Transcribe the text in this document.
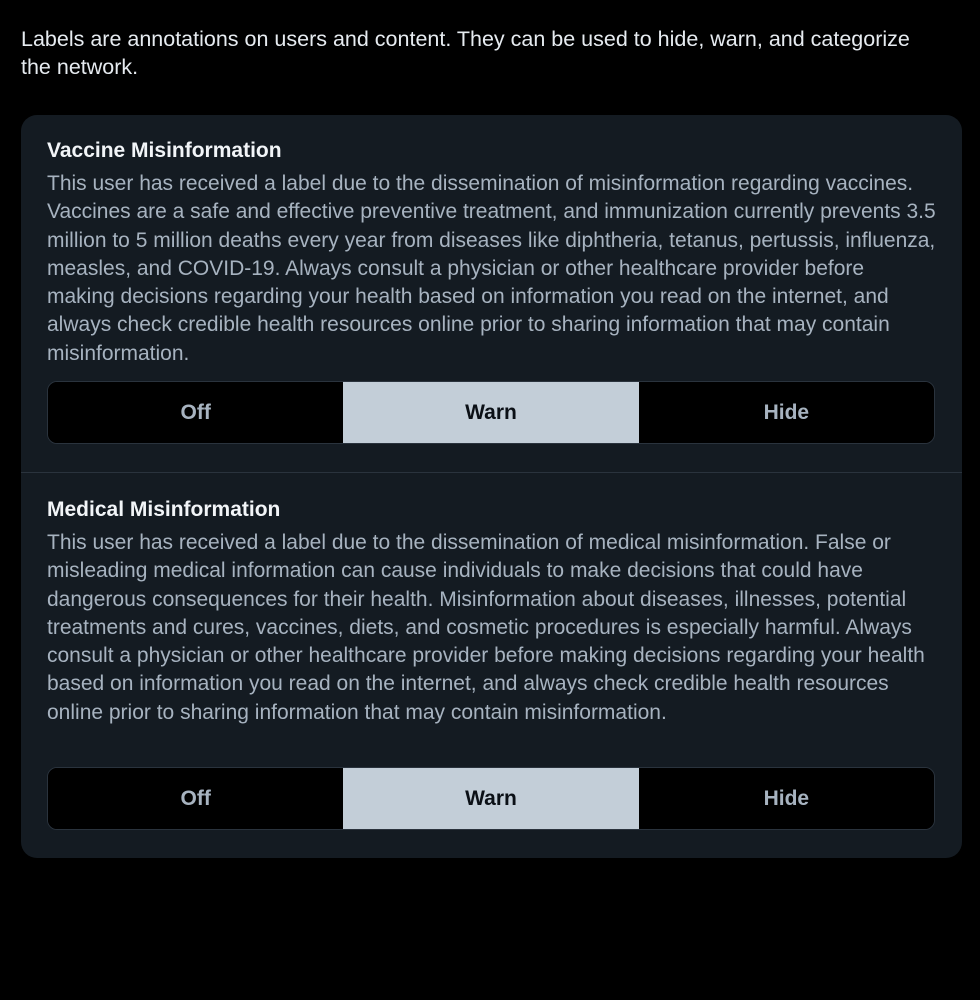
Labels are annotations on users and content. They can be used to hide, warn, and categorize the network.

Vaccine Misinformation

This user has received a label due to the dissemination of misinformation regarding vaccines. Vaccines are a safe and effective preventive treatment, and immunization currently prevents 3.5 million to 5 million deaths every year from diseases like diphtheria, tetanus, pertussis, influenza, measles, and COVID-19. Always consult a physician or other healthcare provider before making decisions regarding your health based on information you read on the internet, and always check credible health resources online prior to sharing information that may contain misinformation.

Off	Warn	Hide
Medical Misinformation

This user has received a label due to the dissemination of medical misinformation. False or misleading medical information can cause individuals to make decisions that could have dangerous consequences for their health. Misinformation about diseases, illnesses, potential treatments and cures, vaccines, diets, and cosmetic procedures is especially harmful. Always consult a physician or other healthcare provider before making decisions regarding your health based on information you read on the internet, and always check credible health resources online prior to sharing information that may contain misinformation.

Off	Warn	Hide
